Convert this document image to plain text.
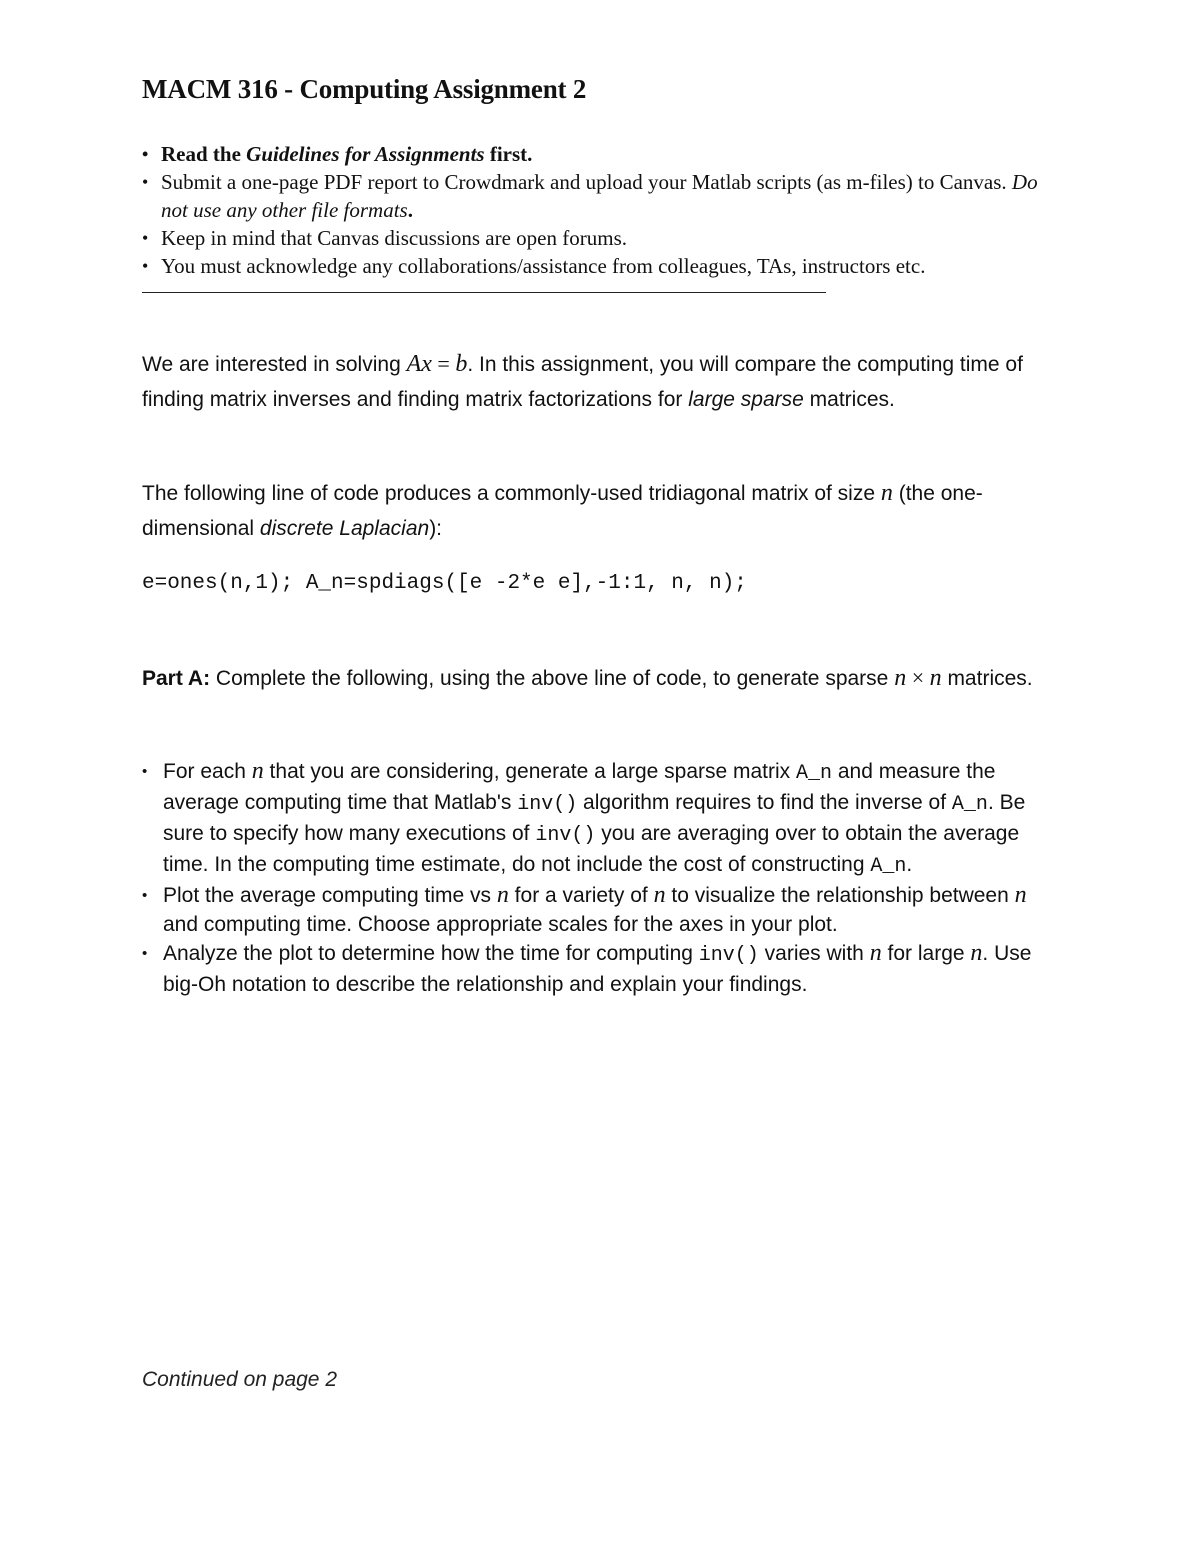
MACM 316 - Computing Assignment 2
• Read the Guidelines for Assignments first.
• Submit a one-page PDF report to Crowdmark and upload your Matlab scripts (as m-files) to Canvas. Do not use any other file formats.
• Keep in mind that Canvas discussions are open forums.
• You must acknowledge any collaborations/assistance from colleagues, TAs, instructors etc.
We are interested in solving Ax = b. In this assignment, you will compare the computing time of finding matrix inverses and finding matrix factorizations for large sparse matrices.
The following line of code produces a commonly-used tridiagonal matrix of size n (the one-dimensional discrete Laplacian):
e=ones(n,1); A_n=spdiags([e -2*e e],-1:1, n, n);
Part A: Complete the following, using the above line of code, to generate sparse n × n matrices.
• For each n that you are considering, generate a large sparse matrix A_n and measure the average computing time that Matlab's inv() algorithm requires to find the inverse of A_n. Be sure to specify how many executions of inv() you are averaging over to obtain the average time. In the computing time estimate, do not include the cost of constructing A_n.
• Plot the average computing time vs n for a variety of n to visualize the relationship between n and computing time. Choose appropriate scales for the axes in your plot.
• Analyze the plot to determine how the time for computing inv() varies with n for large n. Use big-Oh notation to describe the relationship and explain your findings.
Continued on page 2
